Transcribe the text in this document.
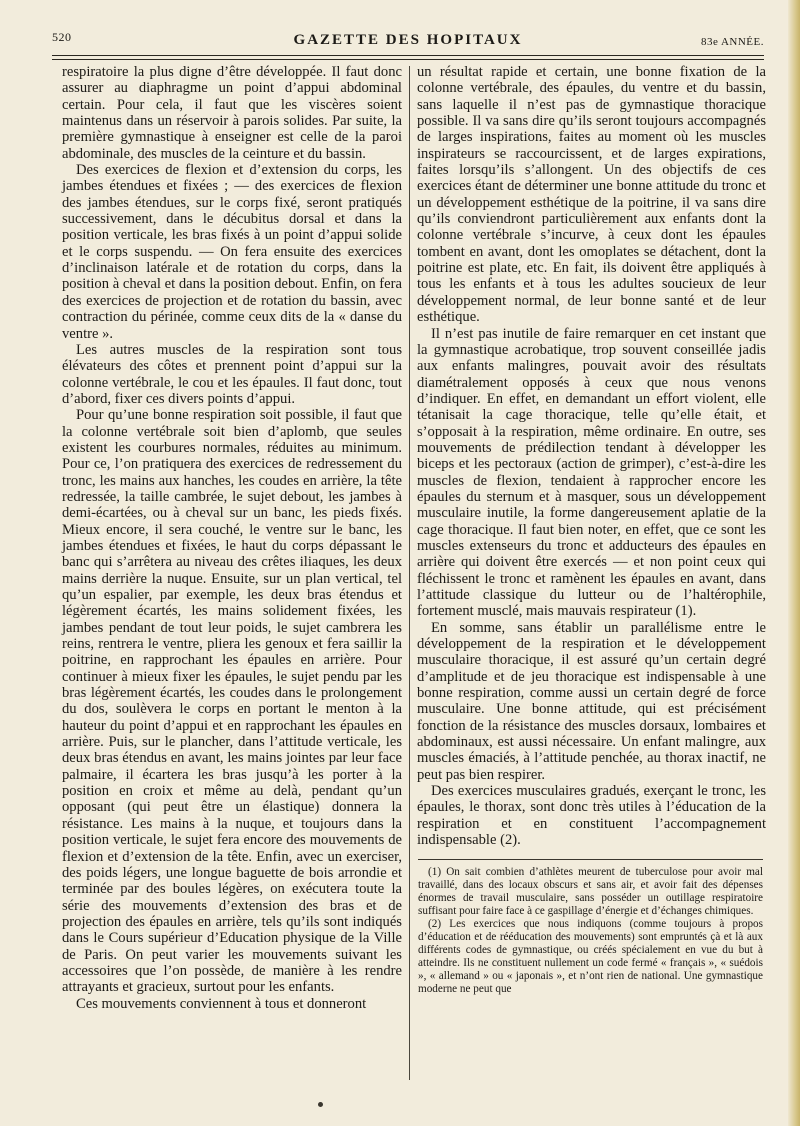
520	GAZETTE DES HOPITAUX	83e ANNÉE.

respiratoire la plus digne d’être développée. Il faut donc assurer au diaphragme un point d’appui abdominal certain. Pour cela, il faut que les viscères soient maintenus dans un réservoir à parois solides. Par suite, la première gymnastique à enseigner est celle de la paroi abdominale, des muscles de la ceinture et du bassin.

Des exercices de flexion et d’extension du corps, les jambes étendues et fixées ; — des exercices de flexion des jambes étendues, sur le corps fixé, seront pratiqués successivement, dans le décubitus dorsal et dans la position verticale, les bras fixés à un point d’appui solide et le corps suspendu. — On fera ensuite des exercices d’inclinaison latérale et de rotation du corps, dans la position à cheval et dans la position debout. Enfin, on fera des exercices de projection et de rotation du bassin, avec contraction du périnée, comme ceux dits de la « danse du ventre ».

Les autres muscles de la respiration sont tous élévateurs des côtes et prennent point d’appui sur la colonne vertébrale, le cou et les épaules. Il faut donc, tout d’abord, fixer ces divers points d’appui.

Pour qu’une bonne respiration soit possible, il faut que la colonne vertébrale soit bien d’aplomb, que seules existent les courbures normales, réduites au minimum. Pour ce, l’on pratiquera des exercices de redressement du tronc, les mains aux hanches, les coudes en arrière, la tête redressée, la taille cambrée, le sujet debout, les jambes à demi-écartées, ou à cheval sur un banc, les pieds fixés. Mieux encore, il sera couché, le ventre sur le banc, les jambes étendues et fixées, le haut du corps dépassant le banc qui s’arrêtera au niveau des crêtes iliaques, les deux mains derrière la nuque. Ensuite, sur un plan vertical, tel qu’un espalier, par exemple, les deux bras étendus et légèrement écartés, les mains solidement fixées, les jambes pendant de tout leur poids, le sujet cambrera les reins, rentrera le ventre, pliera les genoux et fera saillir la poitrine, en rapprochant les épaules en arrière. Pour continuer à mieux fixer les épaules, le sujet pendu par les bras légèrement écartés, les coudes dans le prolongement du dos, soulèvera le corps en portant le menton à la hauteur du point d’appui et en rapprochant les épaules en arrière. Puis, sur le plancher, dans l’attitude verticale, les deux bras étendus en avant, les mains jointes par leur face palmaire, il écartera les bras jusqu’à les porter à la position en croix et même au delà, pendant qu’un opposant (qui peut être un élastique) donnera la résistance. Les mains à la nuque, et toujours dans la position verticale, le sujet fera encore des mouvements de flexion et d’extension de la tête. Enfin, avec un exerciser, des poids légers, une longue baguette de bois arrondie et terminée par des boules légères, on exécutera toute la série des mouvements d’extension des bras et de projection des épaules en arrière, tels qu’ils sont indiqués dans le Cours supérieur d’Education physique de la Ville de Paris. On peut varier les mouvements suivant les accessoires que l’on possède, de manière à les rendre attrayants et gracieux, surtout pour les enfants.

Ces mouvements conviennent à tous et donneront

un résultat rapide et certain, une bonne fixation de la colonne vertébrale, des épaules, du ventre et du bassin, sans laquelle il n’est pas de gymnastique thoracique possible. Il va sans dire qu’ils seront toujours accompagnés de larges inspirations, faites au moment où les muscles inspirateurs se raccourcissent, et de larges expirations, faites lorsqu’ils s’allongent. Un des objectifs de ces exercices étant de déterminer une bonne attitude du tronc et un développement esthétique de la poitrine, il va sans dire qu’ils conviendront particulièrement aux enfants dont la colonne vertébrale s’incurve, à ceux dont les épaules tombent en avant, dont les omoplates se détachent, dont la poitrine est plate, etc. En fait, ils doivent être appliqués à tous les enfants et à tous les adultes soucieux de leur développement normal, de leur bonne santé et de leur esthétique.

Il n’est pas inutile de faire remarquer en cet instant que la gymnastique acrobatique, trop souvent conseillée jadis aux enfants malingres, pouvait avoir des résultats diamétralement opposés à ceux que nous venons d’indiquer. En effet, en demandant un effort violent, elle tétanisait la cage thoracique, telle qu’elle était, et s’opposait à la respiration, même ordinaire. En outre, ses mouvements de prédilection tendant à développer les biceps et les pectoraux (action de grimper), c’est-à-dire les muscles de flexion, tendaient à rapprocher encore les épaules du sternum et à masquer, sous un développement musculaire inutile, la forme dangereusement aplatie de la cage thoracique. Il faut bien noter, en effet, que ce sont les muscles extenseurs du tronc et adducteurs des épaules en arrière qui doivent être exercés — et non point ceux qui fléchissent le tronc et ramènent les épaules en avant, dans l’attitude classique du lutteur ou de l’haltérophile, fortement musclé, mais mauvais respirateur (1).

En somme, sans établir un parallélisme entre le développement de la respiration et le développement musculaire thoracique, il est assuré qu’un certain degré d’amplitude et de jeu thoracique est indispensable à une bonne respiration, comme aussi un certain degré de force musculaire. Une bonne attitude, qui est précisément fonction de la résistance des muscles dorsaux, lombaires et abdominaux, est aussi nécessaire. Un enfant malingre, aux muscles émaciés, à l’attitude penchée, au thorax inactif, ne peut pas bien respirer.

Des exercices musculaires gradués, exerçant le tronc, les épaules, le thorax, sont donc très utiles à l’éducation de la respiration et en constituent l’accompagnement indispensable (2).

(1) On sait combien d’athlètes meurent de tuberculose pour avoir mal travaillé, dans des locaux obscurs et sans air, et avoir fait des dépenses énormes de travail musculaire, sans posséder un outillage respiratoire suffisant pour faire face à ce gaspillage d’énergie et d’échanges chimiques.

(2) Les exercices que nous indiquons (comme toujours à propos d’éducation et de rééducation des mouvements) sont empruntés çà et là aux différents codes de gymnastique, ou créés spécialement en vue du but à atteindre. Ils ne constituent nullement un code fermé « français », « suédois », « allemand » ou « japonais », et n’ont rien de national. Une gymnastique moderne ne peut que
